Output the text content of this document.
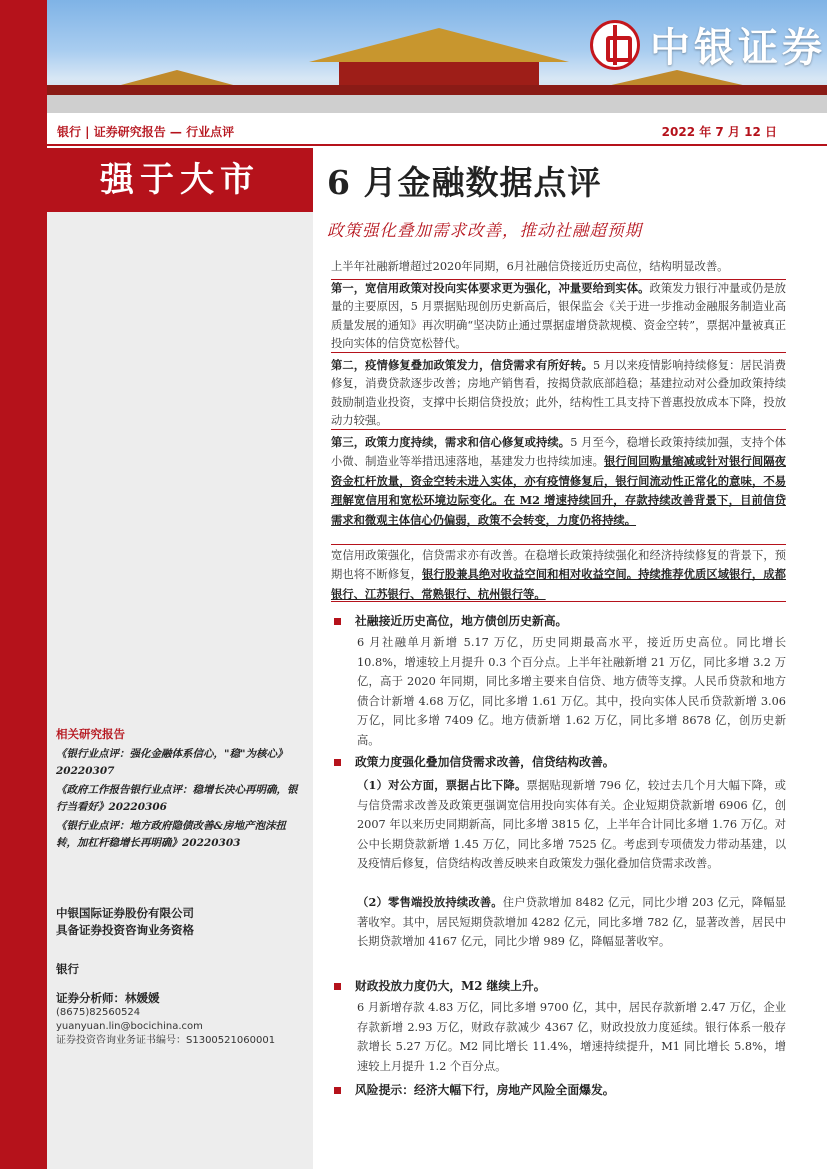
中银证券
银行 | 证券研究报告 — 行业点评	2022 年 7 月 12 日
强于大市
相关研究报告
《银行业点评：强化金融体系信心，"稳"为核心》20220307
《政府工作报告银行业点评：稳增长决心再明确，银行当看好》20220306
《银行业点评：地方政府隐债改善&房地产泡沫扭转，加杠杆稳增长再明确》20220303
中银国际证券股份有限公司
具备证券投资咨询业务资格
银行
证券分析师：林媛媛
(8675)82560524
yuanyuan.lin@bocichina.com
证券投资咨询业务证书编号：S1300521060001
6 月金融数据点评
政策强化叠加需求改善，推动社融超预期
上半年社融新增超过2020年同期，6月社融信贷接近历史高位，结构明显改善。
第一，宽信用政策对投向实体要求更为强化，冲量要给到实体。政策发力银行冲量或仍是放量的主要原因，5 月票据贴现创历史新高后，银保监会《关于进一步推动金融服务制造业高质量发展的通知》再次明确“坚决防止通过票据虚增贷款规模、资金空转”，票据冲量被真正投向实体的信贷宽松替代。
第二，疫情修复叠加政策发力，信贷需求有所好转。5 月以来疫情影响持续修复：居民消费修复，消费贷款逐步改善；房地产销售看，按揭贷款底部趋稳；基建拉动对公叠加政策持续鼓励制造业投资，支撑中长期信贷投放；此外，结构性工具支持下普惠投放成本下降，投放动力较强。
第三，政策力度持续，需求和信心修复或持续。5 月至今，稳增长政策持续加强，支持个体小微、制造业等举措迅速落地，基建发力也持续加速。银行间回购量缩减或针对银行间隔夜资金杠杆放量，资金空转未进入实体，亦有疫情修复后，银行间流动性正常化的意味，不易理解宽信用和宽松环境边际变化。在 M2 增速持续回升，存款持续改善背景下，目前信贷需求和微观主体信心仍偏弱，政策不会转变，力度仍将持续。
宽信用政策强化，信贷需求亦有改善。在稳增长政策持续强化和经济持续修复的背景下，预期也将不断修复，银行股兼具绝对收益空间和相对收益空间。持续推荐优质区域银行，成都银行、江苏银行、常熟银行、杭州银行等。
社融接近历史高位，地方债创历史新高。
6 月社融单月新增 5.17 万亿，历史同期最高水平，接近历史高位。同比增长 10.8%，增速较上月提升 0.3 个百分点。上半年社融新增 21 万亿，同比多增 3.2 万亿，高于 2020 年同期，同比多增主要来自信贷、地方债等支撑。人民币贷款和地方债合计新增 4.68 万亿，同比多增 1.61 万亿。其中，投向实体人民币贷款新增 3.06 万亿，同比多增 7409 亿。地方债新增 1.62 万亿，同比多增 8678 亿，创历史新高。
政策力度强化叠加信贷需求改善，信贷结构改善。
（1）对公方面，票据占比下降。票据贴现新增 796 亿，较过去几个月大幅下降，或与信贷需求改善及政策更强调宽信用投向实体有关。企业短期贷款新增 6906 亿，创 2007 年以来历史同期新高，同比多增 3815 亿，上半年合计同比多增 1.76 万亿。对公中长期贷款新增 1.45 万亿，同比多增 7525 亿。考虑到专项债发力带动基建，以及疫情后修复，信贷结构改善反映来自政策发力强化叠加信贷需求改善。
（2）零售端投放持续改善。住户贷款增加 8482 亿元，同比少增 203 亿元，降幅显著收窄。其中，居民短期贷款增加 4282 亿元，同比多增 782 亿，显著改善，居民中长期贷款增加 4167 亿元，同比少增 989 亿，降幅显著收窄。
财政投放力度仍大，M2 继续上升。
6 月新增存款 4.83 万亿，同比多增 9700 亿，其中，居民存款新增 2.47 万亿，企业存款新增 2.93 万亿，财政存款减少 4367 亿，财政投放力度延续。银行体系一般存款增长 5.27 万亿。M2 同比增长 11.4%，增速持续提升，M1 同比增长 5.8%，增速较上月提升 1.2 个百分点。
风险提示：经济大幅下行，房地产风险全面爆发。
